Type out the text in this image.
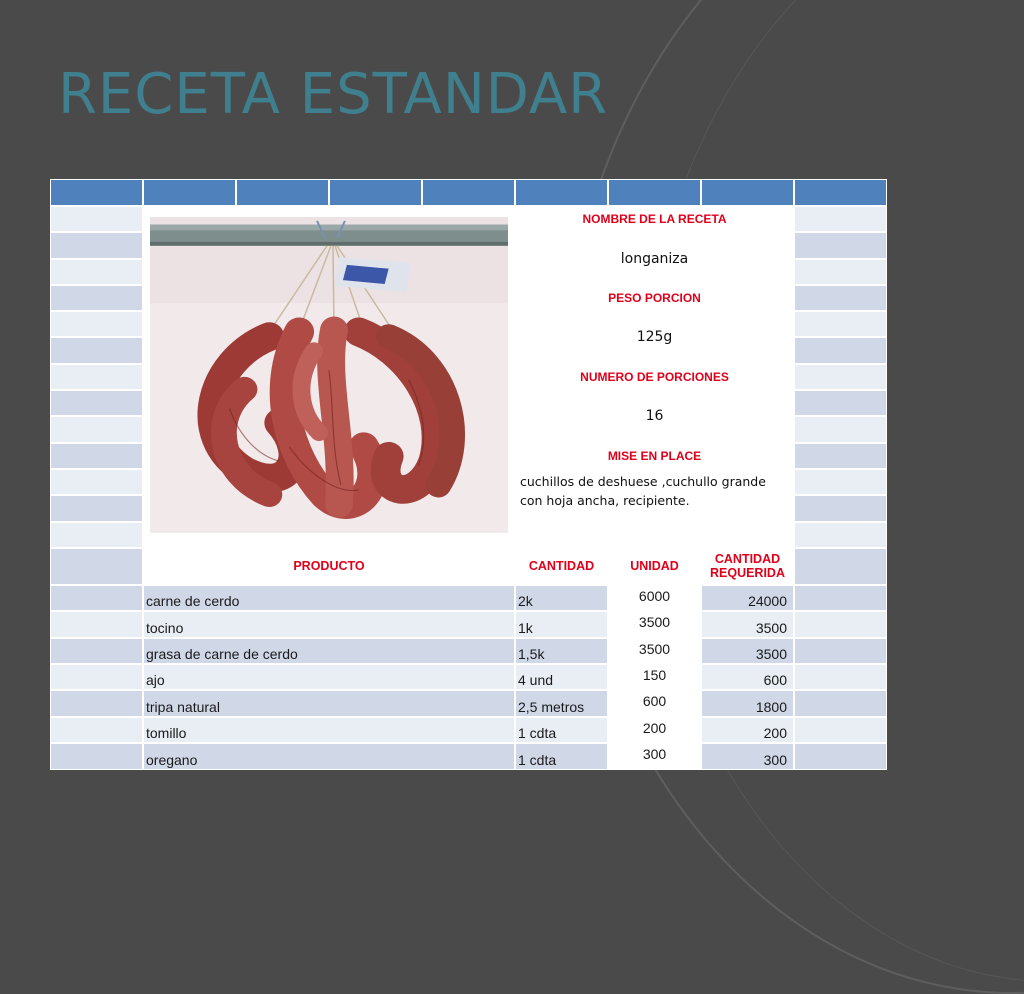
RECETA ESTANDAR
NOMBRE DE LA RECETA
longaniza
PESO PORCION
125g
NUMERO DE PORCIONES
16
MISE EN PLACE
cuchillos de deshuese ,cuchullo grande con hoja ancha, recipiente.
PRODUCTO	CANTIDAD	UNIDAD	CANTIDAD REQUERIDA
carne de cerdo	2k	6000	24000
tocino	1k	3500	3500
grasa de carne de cerdo	1,5k	3500	3500
ajo	4 und	150	600
tripa natural	2,5 metros	600	1800
tomillo	1 cdta	200	200
oregano	1 cdta	300	300
